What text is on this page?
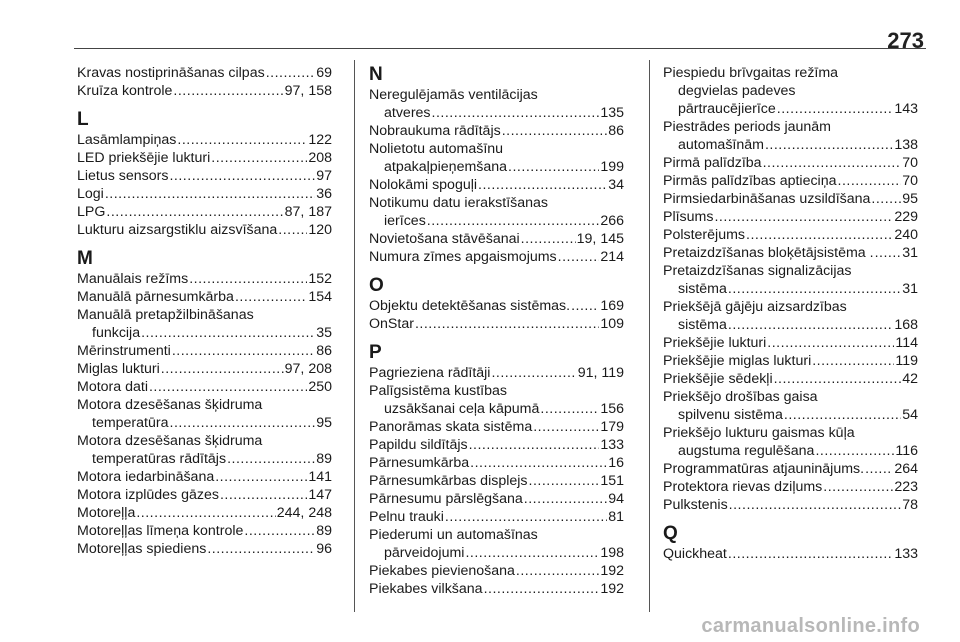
273
Kravas nostiprināšanas cilpas .....	69
Kruīza kontrole .....	97, 158
L
Lasāmlampiņas .....	122
LED priekšējie lukturi .....	208
Lietus sensors .....	97
Logi .....	36
LPG .....	87, 187
Lukturu aizsargstiklu aizsvīšana ..... 120
M
Manuālais režīms .....	152
Manuālā pārnesumkārba .....	154
Manuālā pretapžilbināšanas
funkcija .....	35
Mērinstrumenti .....	86
Miglas lukturi .....	97, 208
Motora dati .....	250
Motora dzesēšanas šķidruma
temperatūra .....	95
Motora dzesēšanas šķidruma
temperatūras rādītājs .....	89
Motora iedarbināšana .....	141
Motora izplūdes gāzes .....	147
Motoreļļa .....	244, 248
Motoreļļas līmeņa kontrole .....	89
Motoreļļas spiediens .....	96
N
Neregulējamās ventilācijas
atveres .....	135
Nobraukuma rādītājs .....	86
Nolietotu automašīnu
atpakaļpieņemšana .....	199
Nolokāmi spoguļi .....	34
Notikumu datu ierakstīšanas
ierīces .....	266
Novietošana stāvēšanai .....	19, 145
Numura zīmes apgaismojums .....	214
O
Objektu detektēšanas sistēmas. ..... 169
OnStar .....	109
P
Pagrieziena rādītāji .....	91, 119
Palīgsistēma kustības
uzsākšanai ceļa kāpumā .....	156
Panorāmas skata sistēma .....	179
Papildu sildītājs .....	133
Pārnesumkārba .....	16
Pārnesumkārbas displejs .....	151
Pārnesumu pārslēgšana .....	94
Pelnu trauki .....	81
Piederumi un automašīnas
pārveidojumi .....	198
Piekabes pievienošana .....	192
Piekabes vilkšana .....	192
Piespiedu brīvgaitas režīma
degvielas padeves
pārtraucējierīce .....	143
Piestrādes periods jaunām
automašīnām .....	138
Pirmā palīdzība .....	70
Pirmās palīdzības aptieciņa .....	70
Pirmsiedarbināšanas uzsildīšana ..... 95
Plīsums .....	229
Polsterējums .....	240
Pretaizdzīšanas bloķētājsistēma . ..... 31
Pretaizdzīšanas signalizācijas
sistēma .....	31
Priekšējā gājēju aizsardzības
sistēma .....	168
Priekšējie lukturi .....	114
Priekšējie miglas lukturi .....	119
Priekšējie sēdekļi .....	42
Priekšējo drošības gaisa
spilvenu sistēma .....	54
Priekšējo lukturu gaismas kūļa
augstuma regulēšana .....	116
Programmatūras atjauninājums. ..... 264
Protektora rievas dziļums .....	223
Pulkstenis .....	78
Q
Quickheat .....	133
carmanualsonline.info
